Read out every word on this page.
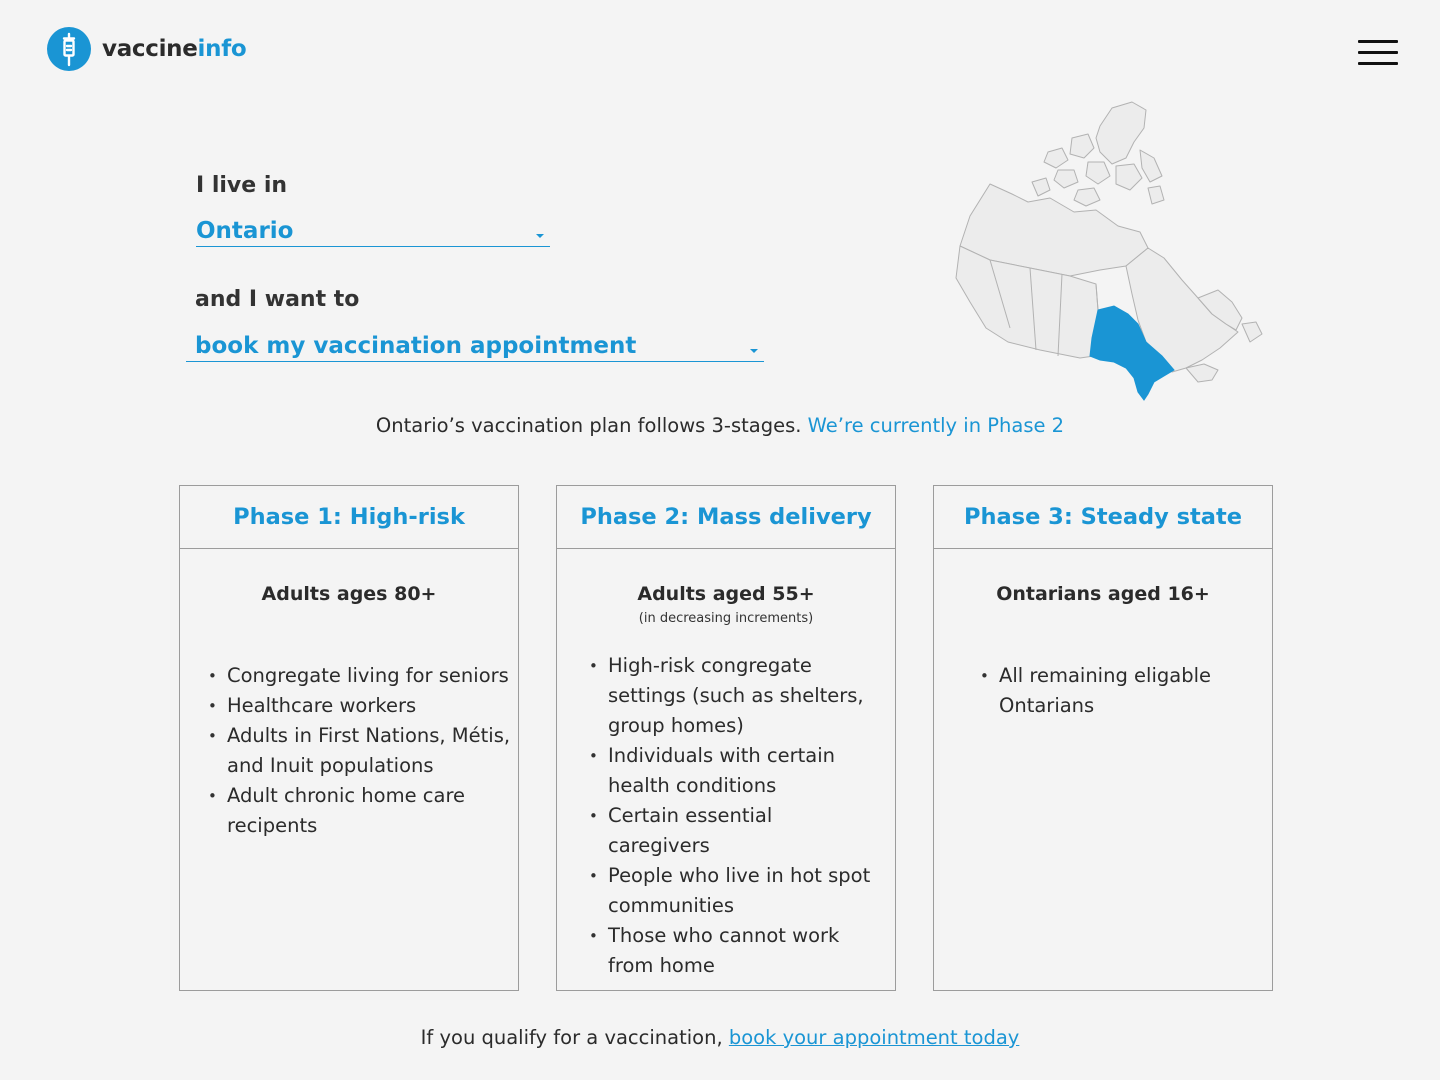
vaccineinfo
I live in
Ontario
and I want to
book my vaccination appointment
Ontario’s vaccination plan follows 3-stages. We’re currently in Phase 2
Phase 1: High-risk
Adults ages 80+
• Congregate living for seniors
• Healthcare workers
• Adults in First Nations, Métis, and Inuit populations
• Adult chronic home care recipents
Phase 2: Mass delivery
Adults aged 55+
(in decreasing increments)
• High-risk congregate settings (such as shelters, group homes)
• Individuals with certain health conditions
• Certain essential caregivers
• People who live in hot spot communities
• Those who cannot work from home
Phase 3: Steady state
Ontarians aged 16+
• All remaining eligable Ontarians
If you qualify for a vaccination, book your appointment today
